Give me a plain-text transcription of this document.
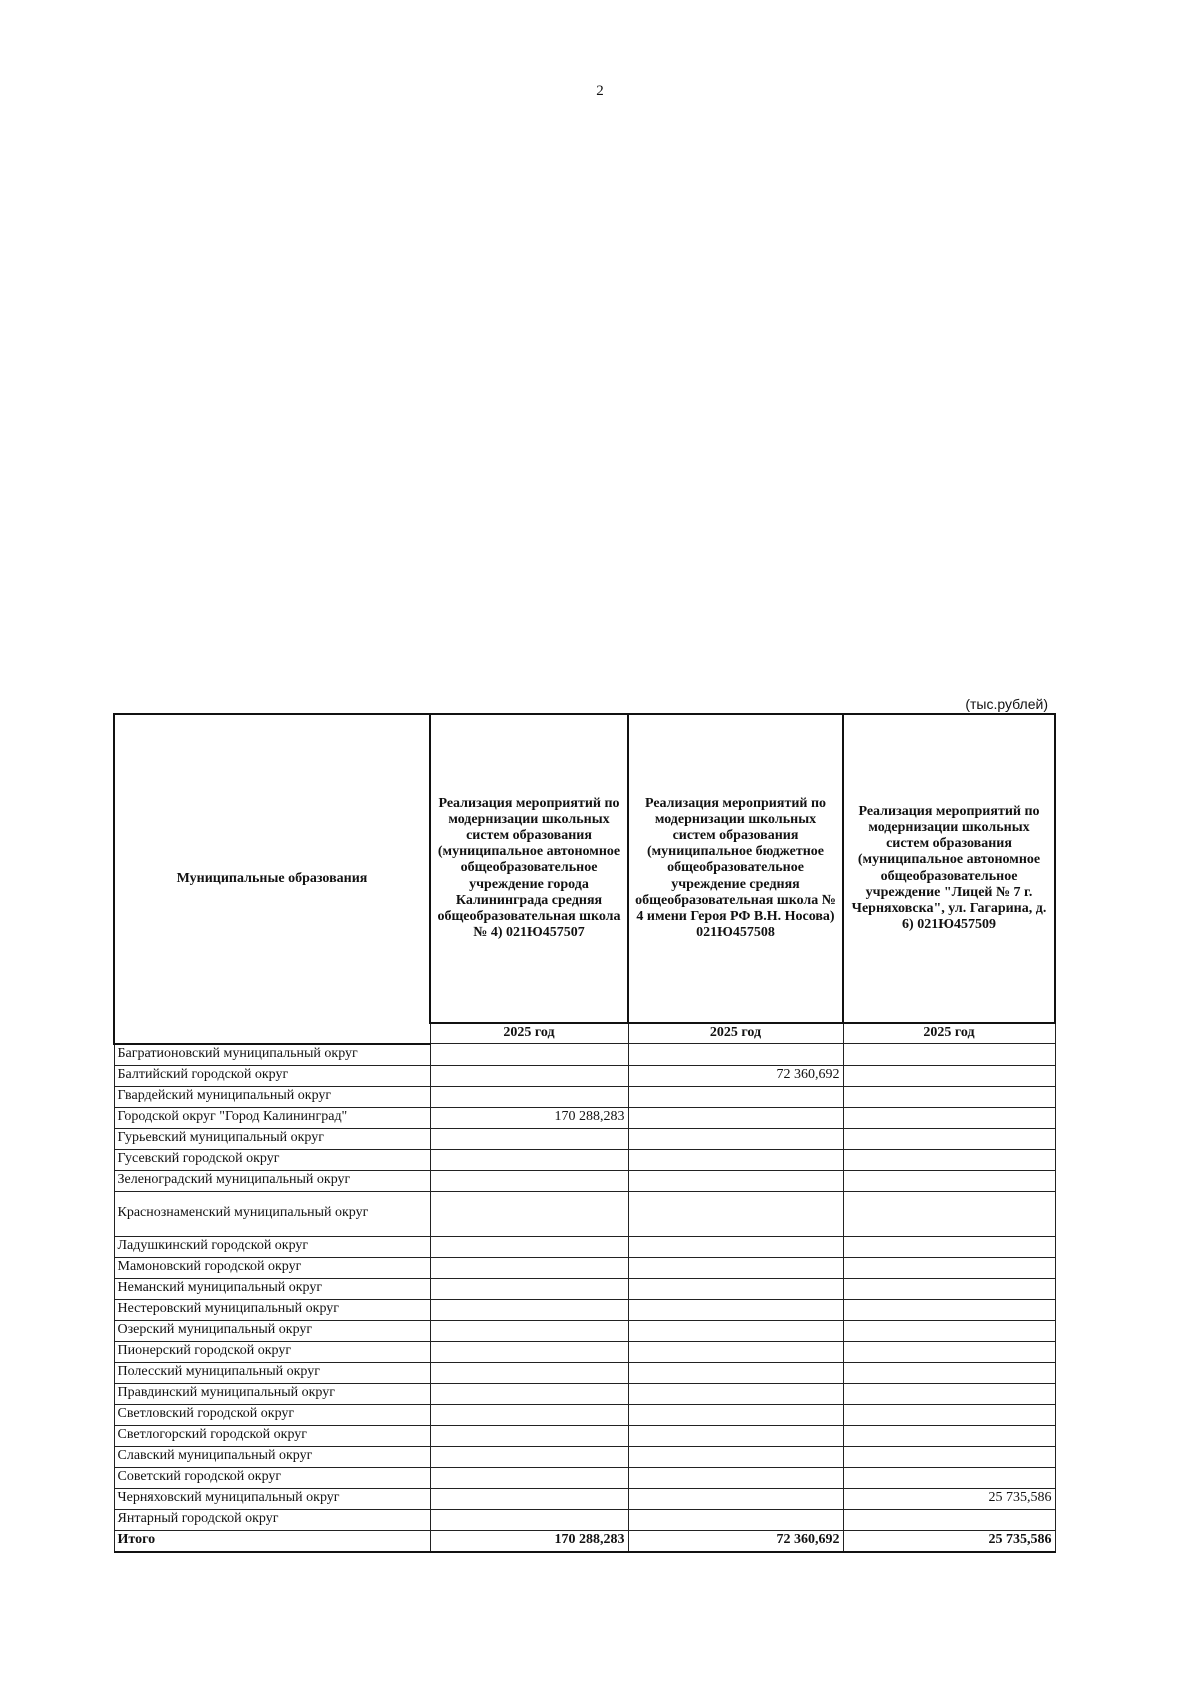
2
(тыс.рублей)
Муниципальные образования	Реализация мероприятий по модернизации школьных систем образования (муниципальное автономное общеобразовательное учреждение города Калининграда средняя общеобразовательная школа № 4) 021Ю457507	Реализация мероприятий по модернизации школьных систем образования (муниципальное бюджетное общеобразовательное учреждение средняя общеобразовательная школа № 4 имени Героя РФ В.Н. Носова) 021Ю457508	Реализация мероприятий по модернизации школьных систем образования (муниципальное автономное общеобразовательное учреждение "Лицей № 7 г. Черняховска", ул. Гагарина, д. 6) 021Ю457509
	2025 год	2025 год	2025 год
Багратионовский муниципальный округ			
Балтийский городской округ		72 360,692	
Гвардейский муниципальный округ			
Городской округ "Город Калининград"	170 288,283		
Гурьевский муниципальный округ			
Гусевский городской округ			
Зеленоградский муниципальный округ			
Краснознаменский муниципальный округ			
Ладушкинский городской округ			
Мамоновский городской округ			
Неманский муниципальный округ			
Нестеровский муниципальный округ			
Озерский муниципальный округ			
Пионерский городской округ			
Полесский муниципальный округ			
Правдинский муниципальный округ			
Светловский городской округ			
Светлогорский городской округ			
Славский муниципальный округ			
Советский городской округ			
Черняховский муниципальный округ			25 735,586
Янтарный городской округ			
Итого	170 288,283	72 360,692	25 735,586
